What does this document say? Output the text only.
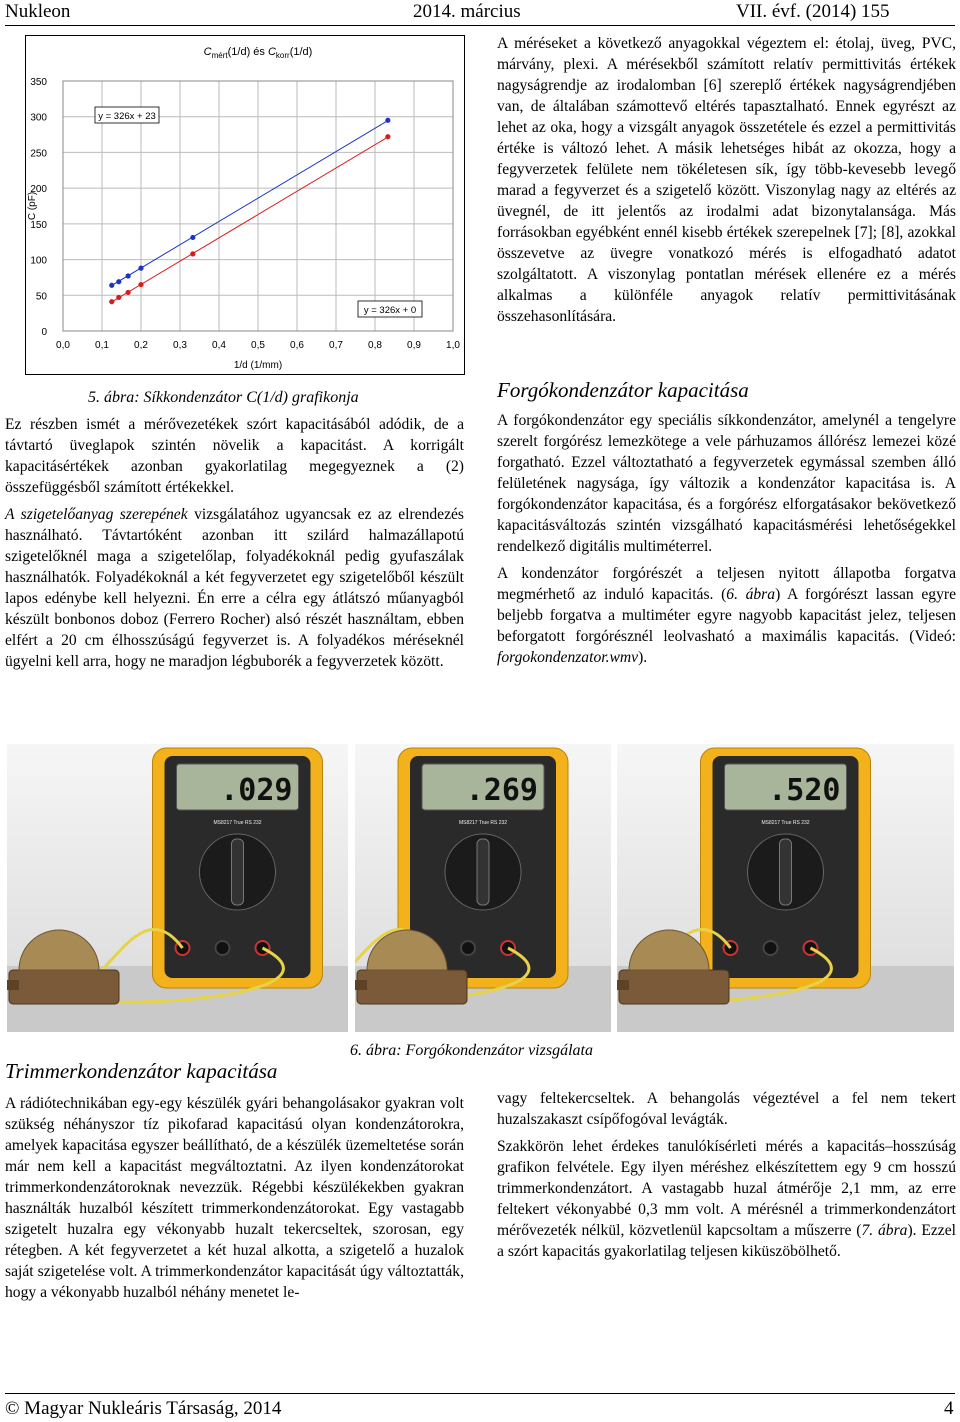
Nukleon	2014. március	VII. évf. (2014) 155
0,0	0,1	0,2	0,3	0,4	0,5	0,6	0,7	0,8	0,9	1,0
0
50
100
150
200
250
300
350
$C_{mért}(1/d)$ és $C_{korr}(1/d)$
1/d (1/mm)
C (pF)
y = 326x + 23
y = 326x + 0
5. ábra: Síkkondenzátor C(1/d) grafikonja

Ez részben ismét a mérővezetékek szórt kapacitásából adódik, de a távtartó üveglapok szintén növelik a kapacitást. A korrigált kapacitásértékek azonban gyakorlatilag megegyeznek a (2) összefüggésből számított értékekkel.

A szigetelőanyag szerepének vizsgálatához ugyancsak ez az elrendezés használható. Távtartóként azonban itt szilárd halmazállapotú szigetelőknél maga a szigetelőlap, folyadékoknál pedig gyufaszálak használhatók. Folyadékoknál a két fegyverzetet egy szigetelőből készült lapos edénybe kell helyezni. Én erre a célra egy átlátszó műanyagból készült bonbonos doboz (Ferrero Rocher) alsó részét használtam, ebben elfért a 20 cm élhosszúságú fegyverzet is. A folyadékos méréseknél ügyelni kell arra, hogy ne maradjon légbuborék a fegyverzetek között.

A méréseket a következő anyagokkal végeztem el: étolaj, üveg, PVC, márvány, plexi. A mérésekből számított relatív permittivitás értékek nagyságrendje az irodalomban [6] szereplő értékek nagyságrendjében van, de általában számottevő eltérés tapasztalható. Ennek egyrészt az lehet az oka, hogy a vizsgált anyagok összetétele és ezzel a permittivitás értéke is változó lehet. A másik lehetséges hibát az okozza, hogy a fegyverzetek felülete nem tökéletesen sík, így több-kevesebb levegő marad a fegyverzet és a szigetelő között. Viszonylag nagy az eltérés az üvegnél, de itt jelentős az irodalmi adat bizonytalansága. Más forrásokban egyébként ennél kisebb értékek szerepelnek [7]; [8], azokkal összevetve az üvegre vonatkozó mérés is elfogadható adatot szolgáltatott. A viszonylag pontatlan mérések ellenére ez a mérés alkalmas a különféle anyagok relatív permittivitásának összehasonlítására.

Forgókondenzátor kapacitása

A forgókondenzátor egy speciális síkkondenzátor, amelynél a tengelyre szerelt forgórész lemezkötege a vele párhuzamos állórész lemezei közé forgatható. Ezzel változtatható a fegyverzetek egymással szemben álló felületének nagysága, így változik a kondenzátor kapacitása is. A forgókondenzátor kapacitása, és a forgórész elforgatásakor bekövetkező kapacitásváltozás szintén vizsgálható kapacitásmérési lehetőségekkel rendelkező digitális multiméterrel.

A kondenzátor forgórészét a teljesen nyitott állapotba forgatva megmérhető az induló kapacitás. (6. ábra) A forgórészt lassan egyre beljebb forgatva a multiméter egyre nagyobb kapacitást jelez, teljesen beforgatott forgórésznél leolvasható a maximális kapacitás. (Videó: forgokondenzator.wmv).

.029
MS8217 True RS 232
.269
MS8217 True RS 232
.520
MS8217 True RS 232
6. ábra: Forgókondenzátor vizsgálata
Trimmerkondenzátor kapacitása

A rádiótechnikában egy-egy készülék gyári behangolásakor gyakran volt szükség néhányszor tíz pikofarad kapacitású olyan kondenzátorokra, amelyek kapacitása egyszer beállítható, de a készülék üzemeltetése során már nem kell a kapacitást megváltoztatni. Az ilyen kondenzátorokat trimmerkondenzátoroknak nevezzük. Régebbi készülékekben gyakran használták huzalból készített trimmerkondenzátorokat. Egy vastagabb szigetelt huzalra egy vékonyabb huzalt tekercseltek, szorosan, egy rétegben. A két fegyverzetet a két huzal alkotta, a szigetelő a huzalok saját szigetelése volt. A trimmerkondenzátor kapacitását úgy változtatták, hogy a vékonyabb huzalból néhány menetet le-

vagy feltekercseltek. A behangolás végeztével a fel nem tekert huzalszakaszt csípőfogóval levágták.

Szakkörön lehet érdekes tanulókísérleti mérés a kapacitás–hosszúság grafikon felvétele. Egy ilyen méréshez elkészítettem egy 9 cm hosszú trimmerkondenzátort. A vastagabb huzal átmérője 2,1 mm, az erre feltekert vékonyabbé 0,3 mm volt. A mérésnél a trimmerkondenzátort mérővezeték nélkül, közvetlenül kapcsoltam a műszerre (7. ábra). Ezzel a szórt kapacitás gyakorlatilag teljesen kiküszöbölhető.

© Magyar Nukleáris Társaság, 2014	4
